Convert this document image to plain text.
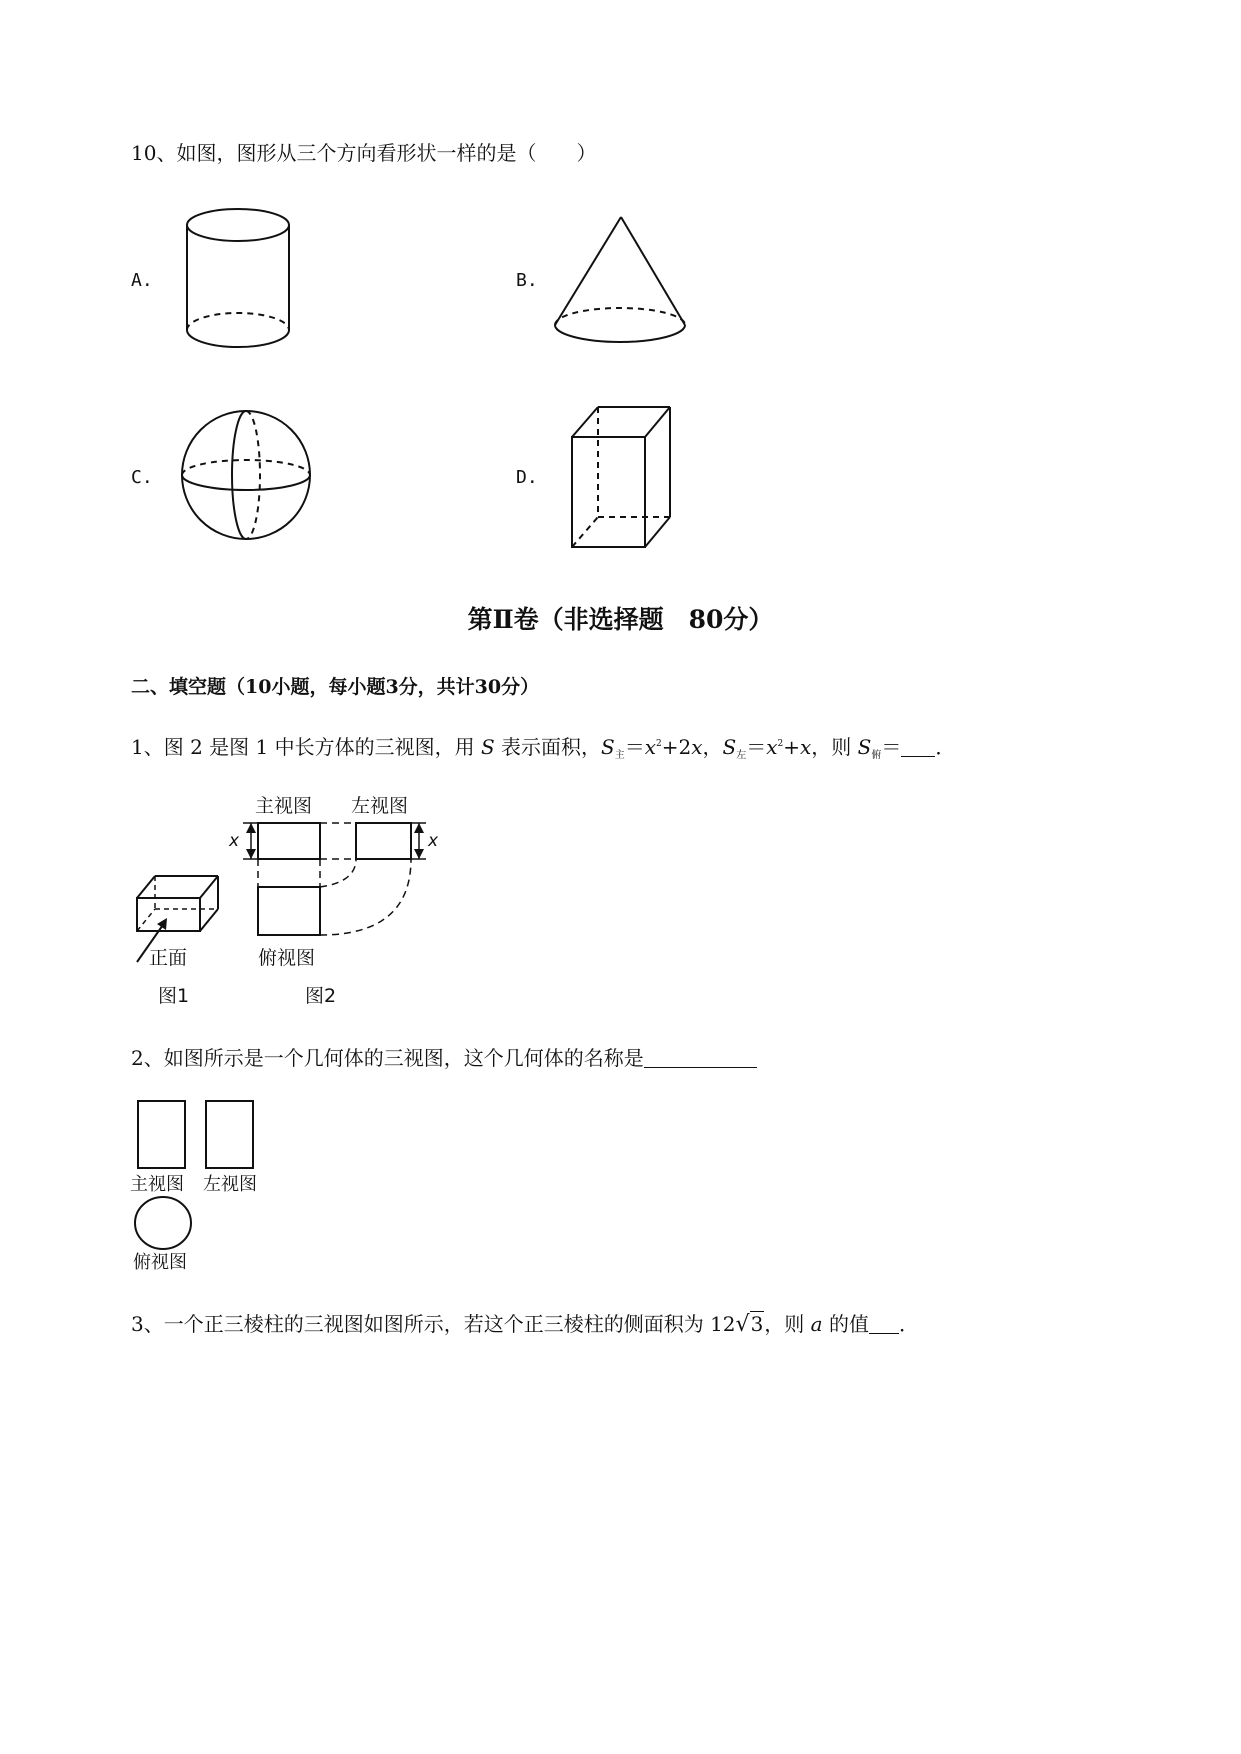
10、如图，图形从三个方向看形状一样的是（　　）
A.	B.
C.	D.
第Ⅱ卷（非选择题　80分）
二、填空题（10小题，每小题3分，共计30分）
1、图 2 是图 1 中长方体的三视图，用 S 表示面积，$S_主=x^2+2x$，$S_左=x^2+x$，则 $S_俯=$ ．
主视图 左视图
俯视图
正面
图1	图2
x	x
2、如图所示是一个几何体的三视图，这个几何体的名称是
主视图 左视图
俯视图
3、一个正三棱柱的三视图如图所示，若这个正三棱柱的侧面积为 12√3，则 a 的值 ．
